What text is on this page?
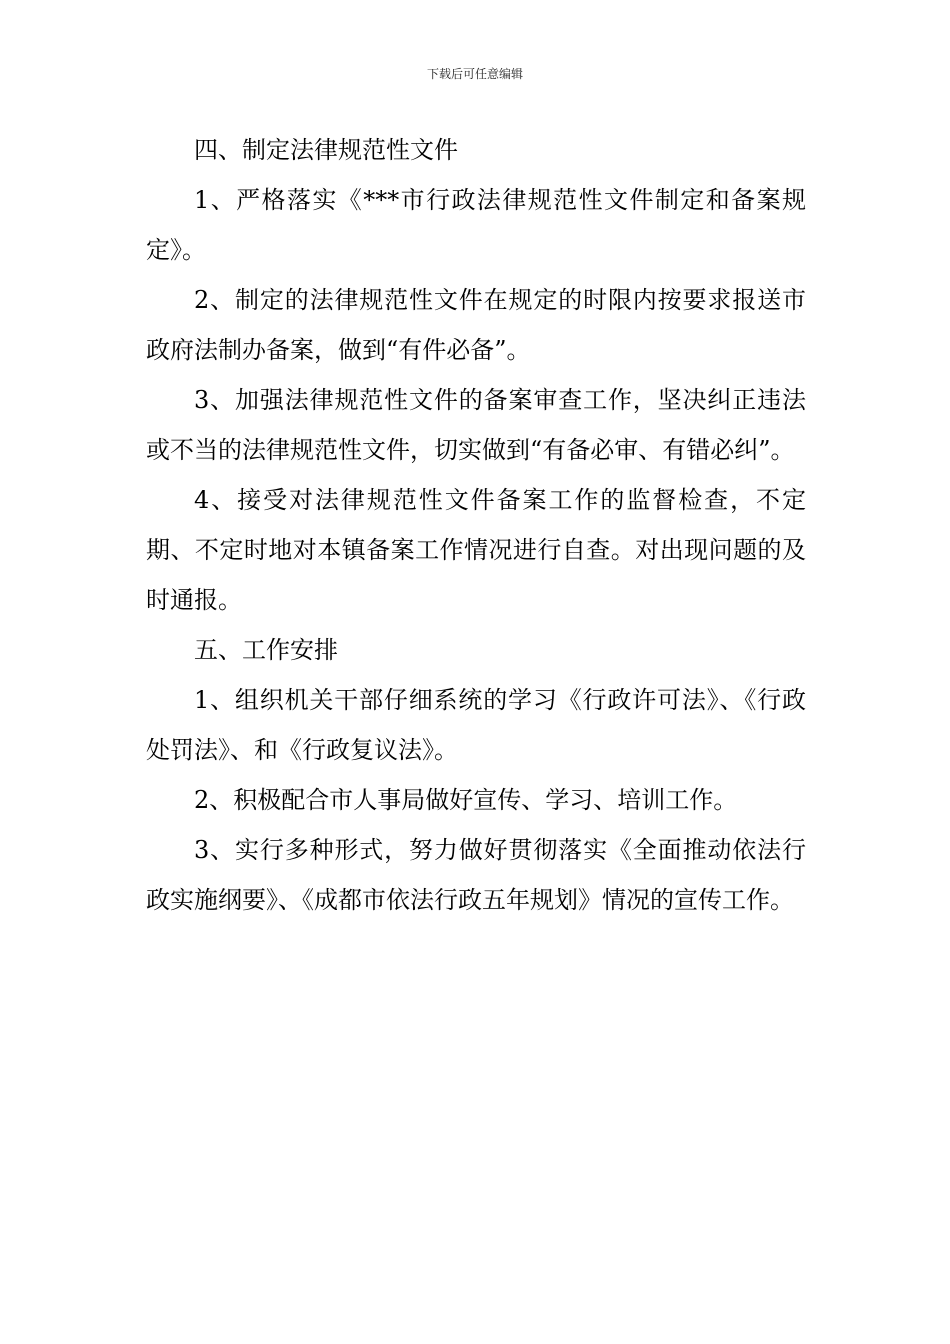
下载后可任意编辑

四、制定法律规范性文件

1、严格落实《***市行政法律规范性文件制定和备案规定》。

2、制定的法律规范性文件在规定的时限内按要求报送市政府法制办备案，做到“有件必备”。

3、加强法律规范性文件的备案审查工作，坚决纠正违法或不当的法律规范性文件，切实做到“有备必审、有错必纠”。

4、接受对法律规范性文件备案工作的监督检查，不定期、不定时地对本镇备案工作情况进行自查。对出现问题的及时通报。

五、工作安排

1、组织机关干部仔细系统的学习《行政许可法》、《行政处罚法》、和《行政复议法》。

2、积极配合市人事局做好宣传、学习、培训工作。

3、实行多种形式，努力做好贯彻落实《全面推动依法行政实施纲要》、《成都市依法行政五年规划》情况的宣传工作。
